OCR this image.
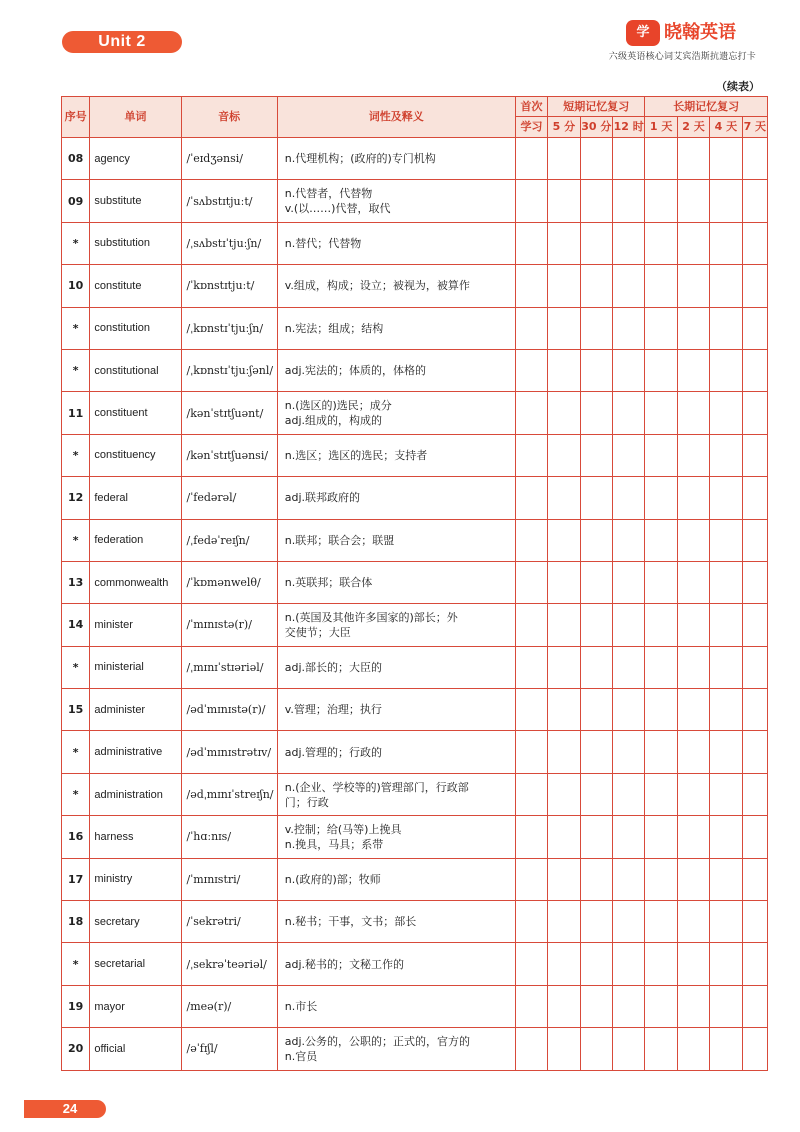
Unit 2
学 晓翰英语
六级英语核心词艾宾浩斯抗遗忘打卡
（续表）
序号	单词	音标	词性及释义	首次	短期记忆复习			长期记忆复习			
				学习	5 分	30 分	12 时	1 天	2 天	4 天	7 天
08	agency	/ˈeɪdʒənsi/	n.代理机构；(政府的)专门机构								

09	substitute	/ˈsʌbstɪtjuːt/	n.代替者，代替物
v.(以……)代替，取代								

*	substitution	/ˌsʌbstɪˈtjuːʃn/	n.替代；代替物								

10	constitute	/ˈkɒnstɪtjuːt/	v.组成，构成；设立；被视为，被算作								

*	constitution	/ˌkɒnstɪˈtjuːʃn/	n.宪法；组成；结构								

*	constitutional	/ˌkɒnstɪˈtjuːʃənl/	adj.宪法的；体质的，体格的								

11	constituent	/kənˈstɪtʃuənt/	n.(选区的)选民；成分
adj.组成的，构成的								

*	constituency	/kənˈstɪtʃuənsi/	n.选区；选区的选民；支持者								

12	federal	/ˈfedərəl/	adj.联邦政府的								

*	federation	/ˌfedəˈreɪʃn/	n.联邦；联合会；联盟								

13	commonwealth	/ˈkɒmənwelθ/	n.英联邦；联合体								

14	minister	/ˈmɪnɪstə(r)/	n.(英国及其他许多国家的)部长；外
交使节；大臣								

*	ministerial	/ˌmɪnɪˈstɪəriəl/	adj.部长的；大臣的								

15	administer	/ədˈmɪnɪstə(r)/	v.管理；治理；执行								

*	administrative	/ədˈmɪnɪstrətɪv/	adj.管理的；行政的								

*	administration	/ədˌmɪnɪˈstreɪʃn/	n.(企业、学校等的)管理部门，行政部
门；行政								

16	harness	/ˈhɑːnɪs/	v.控制；给(马等)上挽具
n.挽具，马具；系带								

17	ministry	/ˈmɪnɪstri/	n.(政府的)部；牧师								

18	secretary	/ˈsekrətri/	n.秘书；干事，文书；部长								

*	secretarial	/ˌsekrəˈteəriəl/	adj.秘书的；文秘工作的								

19	mayor	/meə(r)/	n.市长								

20	official	/əˈfɪʃl/	adj.公务的，公职的；正式的，官方的
n.官员								

24
